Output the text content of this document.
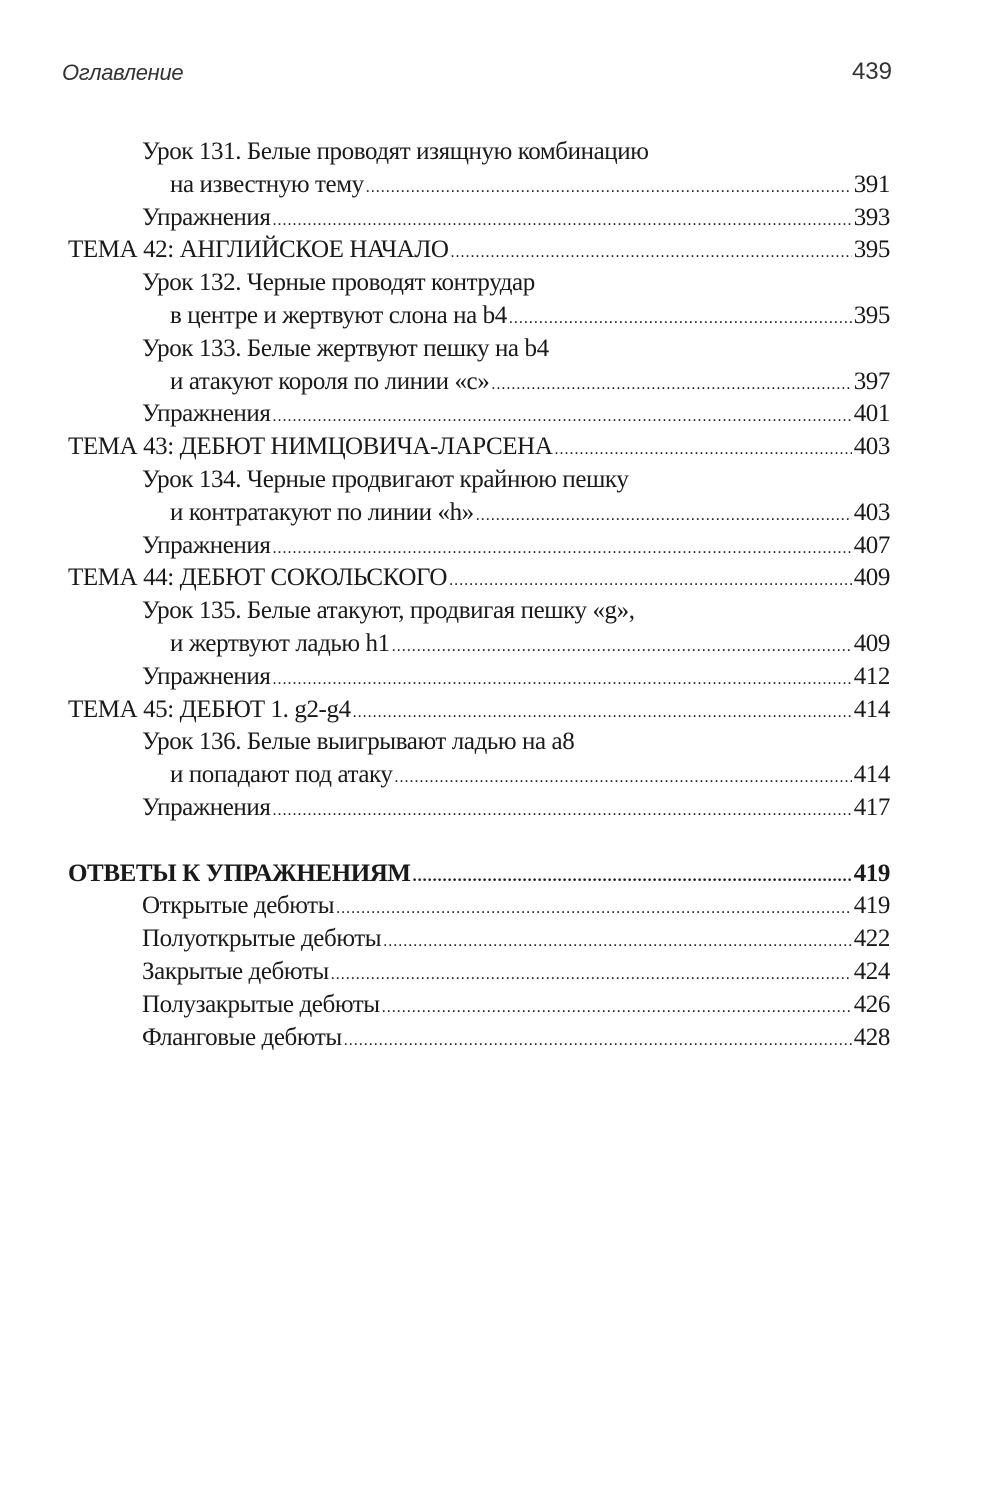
Оглавление	439
Урок 131. Белые проводят изящную комбинацию
на известную тему .....	391
Упражнения .....	393
ТЕМА 42: АНГЛИЙСКОЕ НАЧАЛО .....	395
Урок 132. Черные проводят контрудар
в центре и жертвуют слона на b4 .....	395
Урок 133. Белые жертвуют пешку на b4
и атакуют короля по линии «с» .....	397
Упражнения .....	401
ТЕМА 43: ДЕБЮТ НИМЦОВИЧА-ЛАРСЕНА .....	403
Урок 134. Черные продвигают крайнюю пешку
и контратакуют по линии «h» .....	403
Упражнения .....	407
ТЕМА 44: ДЕБЮТ СОКОЛЬСКОГО .....	409
Урок 135. Белые атакуют, продвигая пешку «g»,
и жертвуют ладью h1 .....	409
Упражнения .....	412
ТЕМА 45: ДЕБЮТ 1. g2-g4 .....	414
Урок 136. Белые выигрывают ладью на а8
и попадают под атаку .....	414
Упражнения .....	417
ОТВЕТЫ К УПРАЖНЕНИЯМ .....	419
Открытые дебюты .....	419
Полуоткрытые дебюты .....	422
Закрытые дебюты .....	424
Полузакрытые дебюты .....	426
Фланговые дебюты .....	428
